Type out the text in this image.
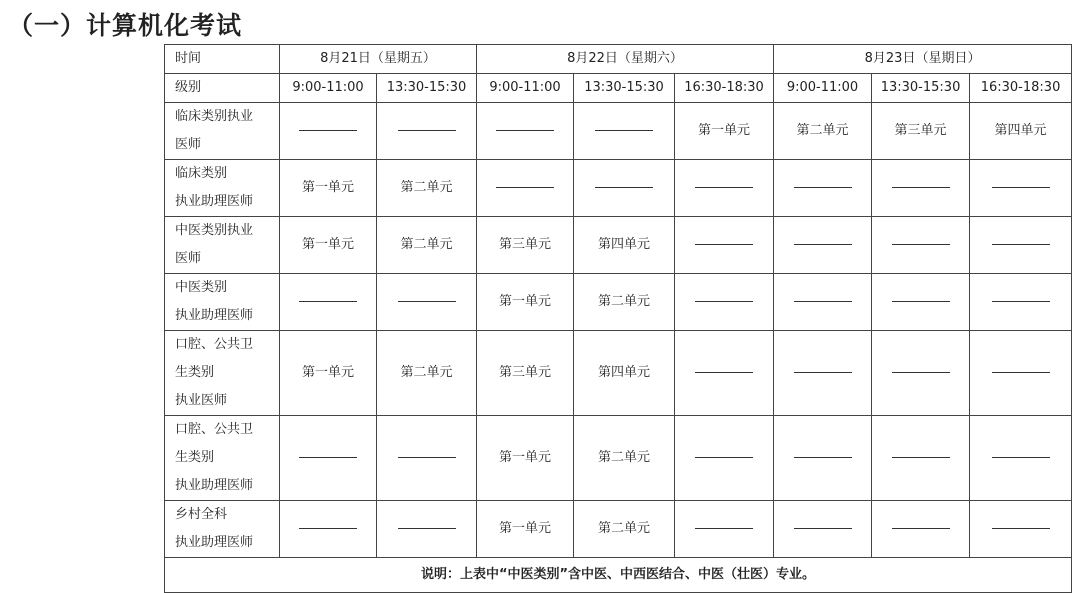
（一）计算机化考试
时间	8月21日（星期五）		8月22日（星期六）			8月23日（星期日）		
级别	9:00-11:00	13:30-15:30	9:00-11:00	13:30-15:30	16:30-18:30	9:00-11:00	13:30-15:30	16:30-18:30

临床类别执业
医师					第一单元	第二单元	第三单元	第四单元

临床类别
执业助理医师	第一单元	第二单元						

中医类别执业
医师	第一单元	第二单元	第三单元	第四单元				

中医类别
执业助理医师			第一单元	第二单元				

口腔、公共卫
生类别
执业医师	第一单元	第二单元	第三单元	第四单元				

口腔、公共卫
生类别
执业助理医师			第一单元	第二单元				

乡村全科
执业助理医师			第一单元	第二单元				
说明：上表中“中医类别”含中医、中西医结合、中医（壮医）专业。								
